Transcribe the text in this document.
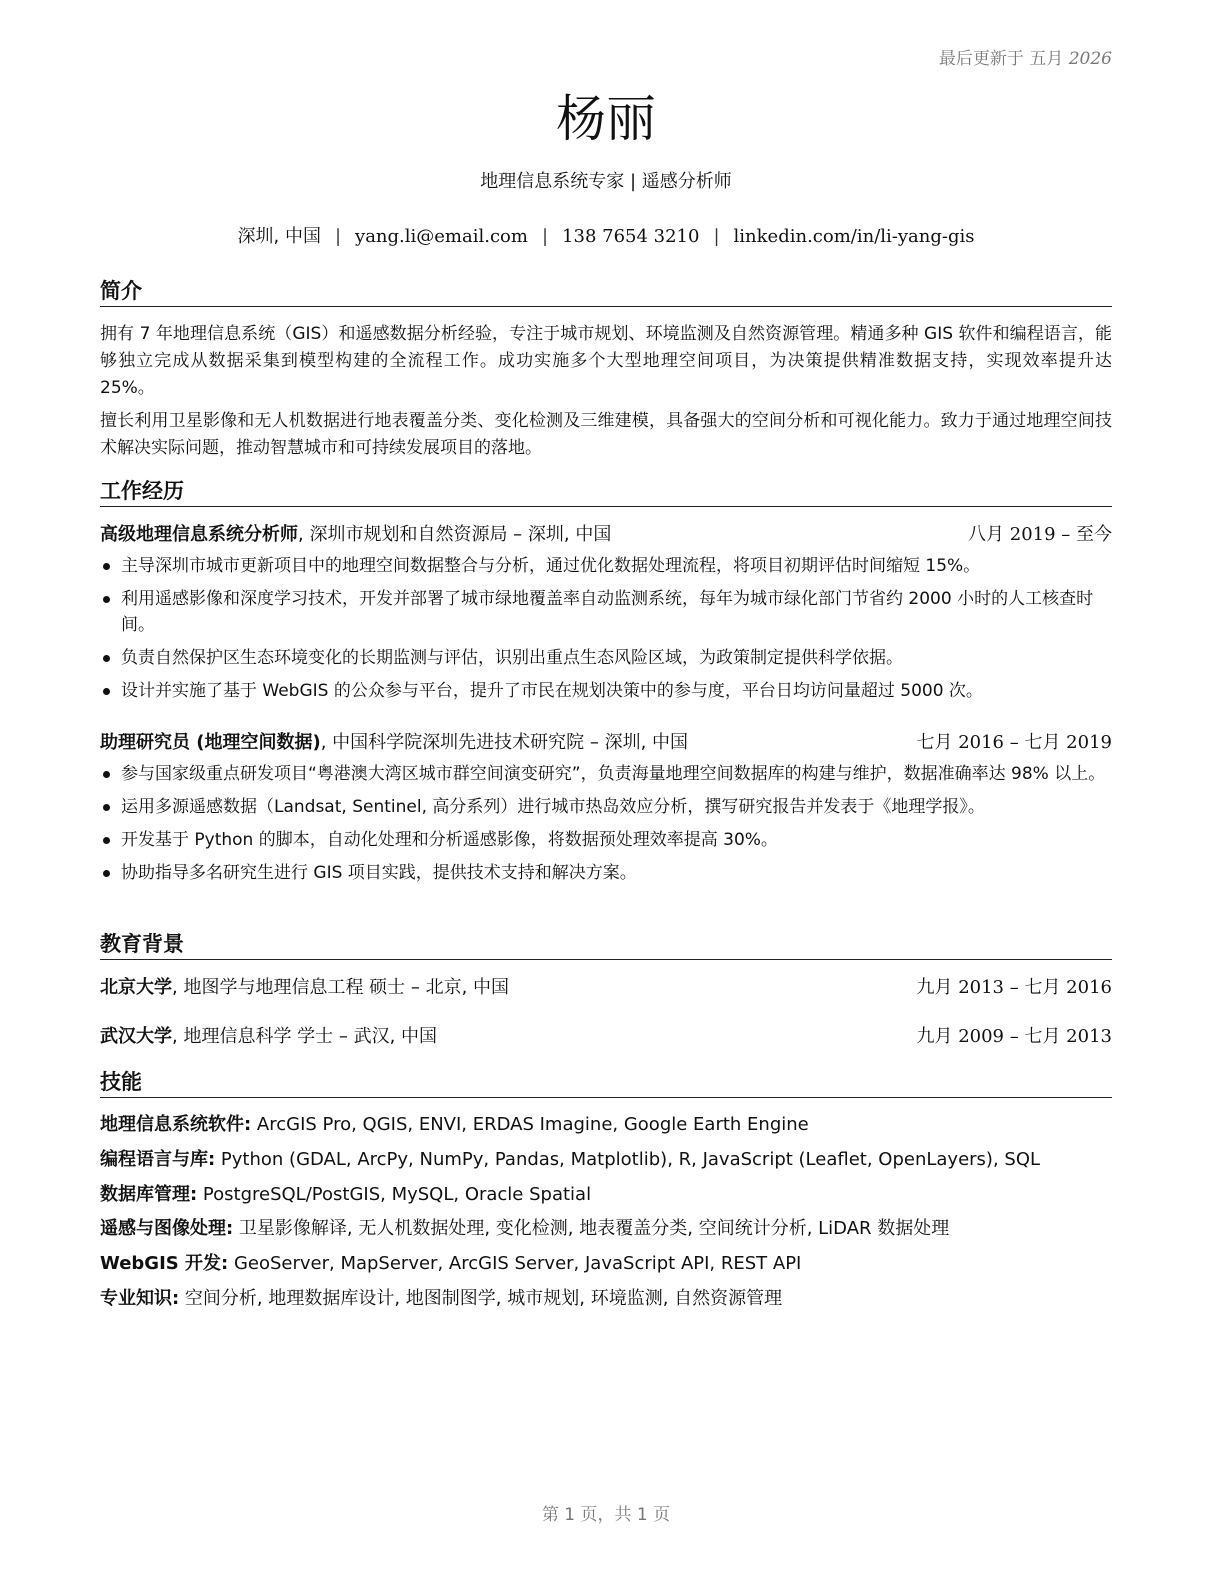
最后更新于 五月 2026
杨丽
地理信息系统专家 | 遥感分析师
深圳, 中国 | yang.li@email.com | 138 7654 3210 | linkedin.com/in/li-yang-gis
简介
拥有 7 年地理信息系统（GIS）和遥感数据分析经验，专注于城市规划、环境监测及自然资源管理。精通多种 GIS 软件和编程语言，能够独立完成从数据采集到模型构建的全流程工作。成功实施多个大型地理空间项目，为决策提供精准数据支持，实现效率提升达 25%。
擅长利用卫星影像和无人机数据进行地表覆盖分类、变化检测及三维建模，具备强大的空间分析和可视化能力。致力于通过地理空间技术解决实际问题，推动智慧城市和可持续发展项目的落地。
工作经历
高级地理信息系统分析师, 深圳市规划和自然资源局 – 深圳, 中国	八月 2019 – 至今
主导深圳市城市更新项目中的地理空间数据整合与分析，通过优化数据处理流程，将项目初期评估时间缩短 15%。
利用遥感影像和深度学习技术，开发并部署了城市绿地覆盖率自动监测系统，每年为城市绿化部门节省约 2000 小时的人工核查时间。
负责自然保护区生态环境变化的长期监测与评估，识别出重点生态风险区域，为政策制定提供科学依据。
设计并实施了基于 WebGIS 的公众参与平台，提升了市民在规划决策中的参与度，平台日均访问量超过 5000 次。
助理研究员 (地理空间数据), 中国科学院深圳先进技术研究院 – 深圳, 中国	七月 2016 – 七月 2019
参与国家级重点研发项目“粤港澳大湾区城市群空间演变研究”，负责海量地理空间数据库的构建与维护，数据准确率达 98% 以上。
运用多源遥感数据（Landsat, Sentinel, 高分系列）进行城市热岛效应分析，撰写研究报告并发表于《地理学报》。
开发基于 Python 的脚本，自动化处理和分析遥感影像，将数据预处理效率提高 30%。
协助指导多名研究生进行 GIS 项目实践，提供技术支持和解决方案。
教育背景
北京大学, 地图学与地理信息工程 硕士 – 北京, 中国	九月 2013 – 七月 2016
武汉大学, 地理信息科学 学士 – 武汉, 中国	九月 2009 – 七月 2013
技能
地理信息系统软件: ArcGIS Pro, QGIS, ENVI, ERDAS Imagine, Google Earth Engine
编程语言与库: Python (GDAL, ArcPy, NumPy, Pandas, Matplotlib), R, JavaScript (Leaflet, OpenLayers), SQL
数据库管理: PostgreSQL/PostGIS, MySQL, Oracle Spatial
遥感与图像处理: 卫星影像解译, 无人机数据处理, 变化检测, 地表覆盖分类, 空间统计分析, LiDAR 数据处理
WebGIS 开发: GeoServer, MapServer, ArcGIS Server, JavaScript API, REST API
专业知识: 空间分析, 地理数据库设计, 地图制图学, 城市规划, 环境监测, 自然资源管理
第 1 页，共 1 页
